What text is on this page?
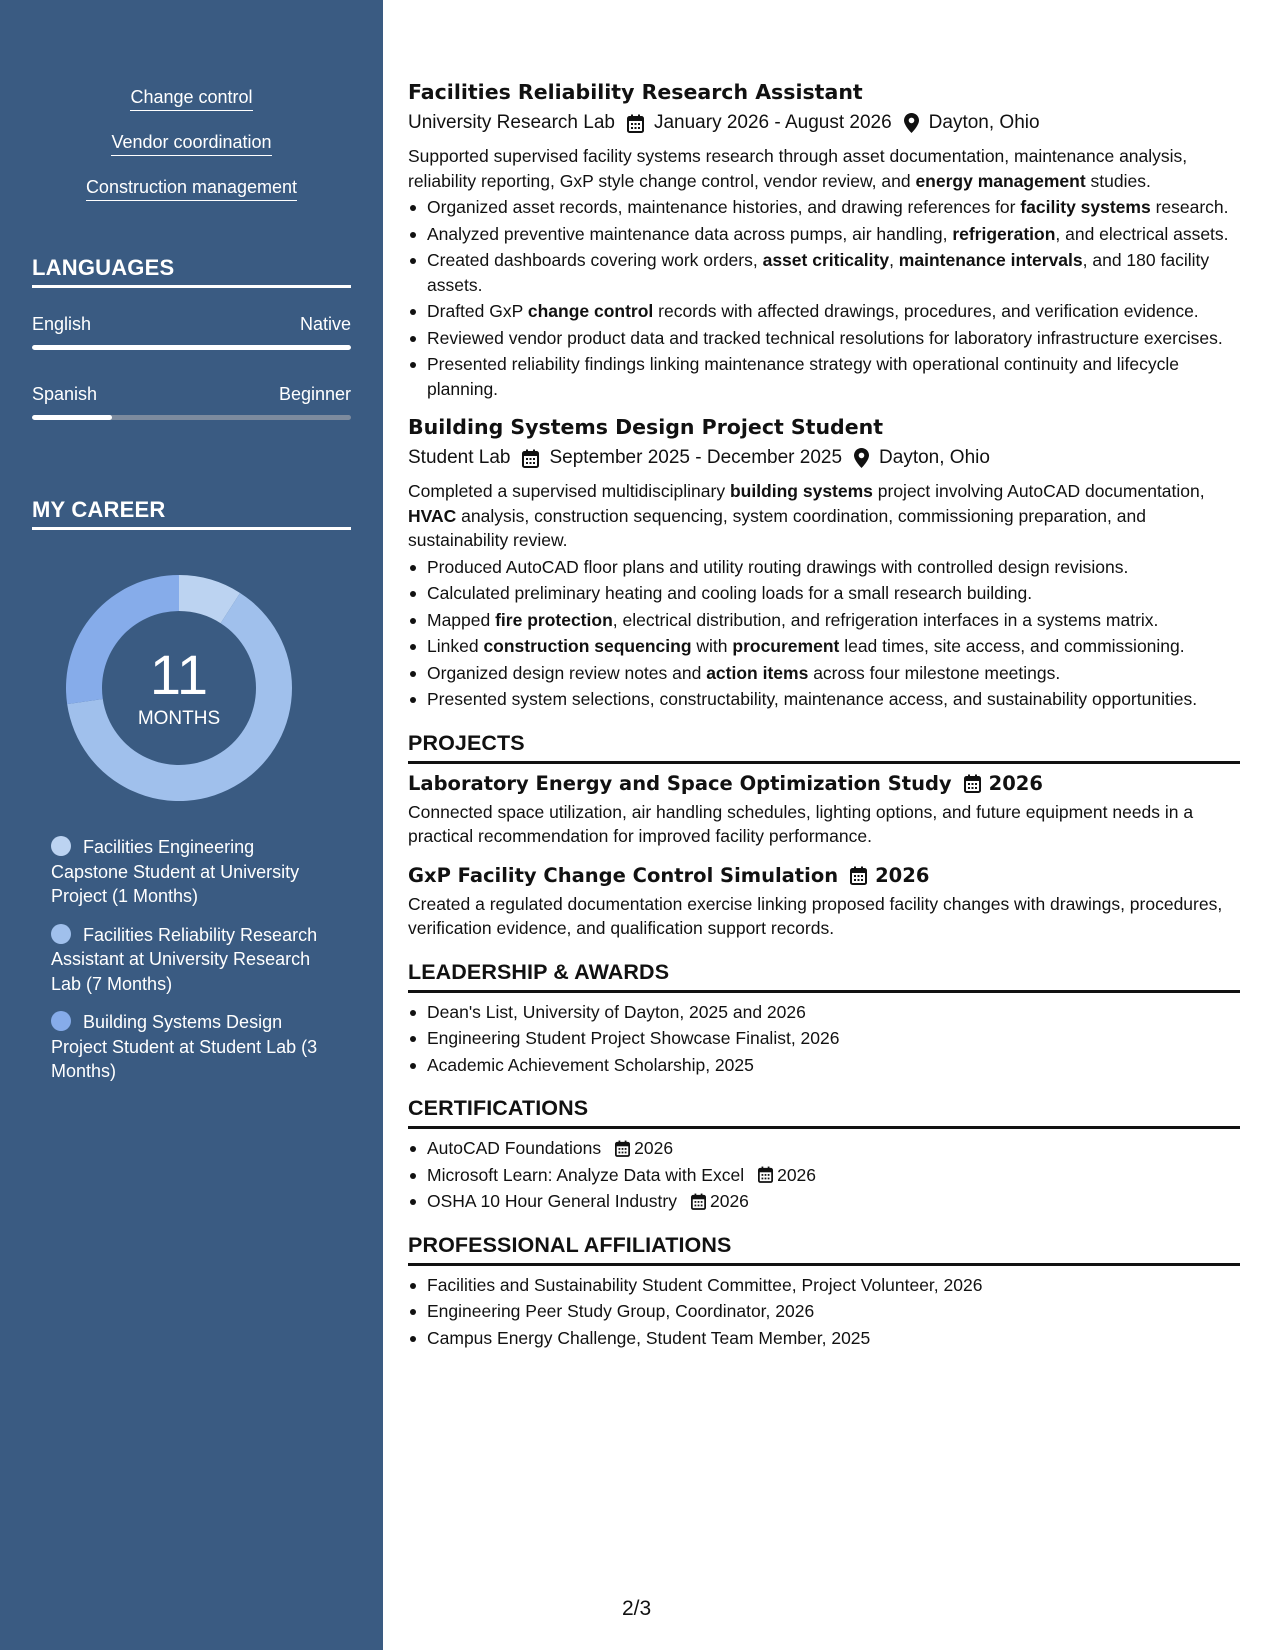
Change control
Vendor coordination
Construction management
LANGUAGES
English	Native
Spanish	Beginner
MY CAREER
11
MONTHS
Facilities Engineering Capstone Student at University Project (1 Months)
Facilities Reliability Research Assistant at University Research Lab (7 Months)
Building Systems Design Project Student at Student Lab (3 Months)
Facilities Reliability Research Assistant
University Research Lab January 2026 - August 2026 Dayton, Ohio
Supported supervised facility systems research through asset documentation, maintenance analysis, reliability reporting, GxP style change control, vendor review, and energy management studies.
Organized asset records, maintenance histories, and drawing references for facility systems research.
Analyzed preventive maintenance data across pumps, air handling, refrigeration, and electrical assets.
Created dashboards covering work orders, asset criticality, maintenance intervals, and 180 facility assets.
Drafted GxP change control records with affected drawings, procedures, and verification evidence.
Reviewed vendor product data and tracked technical resolutions for laboratory infrastructure exercises.
Presented reliability findings linking maintenance strategy with operational continuity and lifecycle planning.
Building Systems Design Project Student
Student Lab September 2025 - December 2025 Dayton, Ohio
Completed a supervised multidisciplinary building systems project involving AutoCAD documentation, HVAC analysis, construction sequencing, system coordination, commissioning preparation, and sustainability review.
Produced AutoCAD floor plans and utility routing drawings with controlled design revisions.
Calculated preliminary heating and cooling loads for a small research building.
Mapped fire protection, electrical distribution, and refrigeration interfaces in a systems matrix.
Linked construction sequencing with procurement lead times, site access, and commissioning.
Organized design review notes and action items across four milestone meetings.
Presented system selections, constructability, maintenance access, and sustainability opportunities.
PROJECTS
Laboratory Energy and Space Optimization Study 2026
Connected space utilization, air handling schedules, lighting options, and future equipment needs in a practical recommendation for improved facility performance.
GxP Facility Change Control Simulation 2026
Created a regulated documentation exercise linking proposed facility changes with drawings, procedures, verification evidence, and qualification support records.
LEADERSHIP & AWARDS
Dean's List, University of Dayton, 2025 and 2026
Engineering Student Project Showcase Finalist, 2026
Academic Achievement Scholarship, 2025
CERTIFICATIONS
AutoCAD Foundations 2026
Microsoft Learn: Analyze Data with Excel 2026
OSHA 10 Hour General Industry 2026
PROFESSIONAL AFFILIATIONS
Facilities and Sustainability Student Committee, Project Volunteer, 2026
Engineering Peer Study Group, Coordinator, 2026
Campus Energy Challenge, Student Team Member, 2025
2/3
